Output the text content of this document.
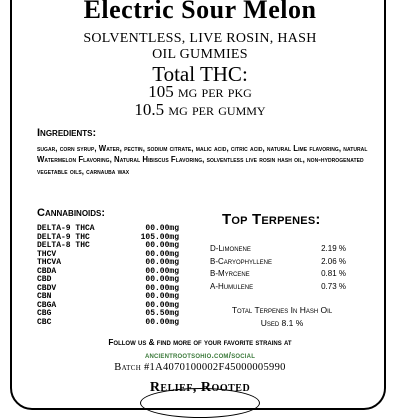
Electric Sour Melon
SOLVENTLESS, LIVE ROSIN, HASH
OIL GUMMIES
Total THC:
105 mg per pkg
10.5 mg per gummy
Ingredients:
sugar, corn syrup, Water, pectin, sodium citrate, malic acid, citric acid, natural Lime flavoring, natural Watermelon Flavoring, Natural Hibiscus Flavoring, solventless live rosin hash oil, non-hydrogenated vegetable oils, carnauba wax
Cannabinoids:
DELTA-9 THCA	00.00mg
DELTA-9 THC	105.00mg
DELTA-8 THC	00.00mg
THCV	00.00mg
THCVA	00.00mg
CBDA	00.00mg
CBD	00.00mg
CBDV	00.00mg
CBN	00.00mg
CBGA	00.00mg
CBG	05.50mg
CBC	00.00mg
Top Terpenes:
D-Limonene	2.19 %
B-Caryophyllene	2.06 %
B-Myrcene	0.81 %
A-Humulene	0.73 %
Total Terpenes In Hash Oil
Used 8.1 %
Follow us & find more of your favorite strains at
ancientrootsohio.com/social
Batch #1A4070100002F45000005990
Relief, Rooted
